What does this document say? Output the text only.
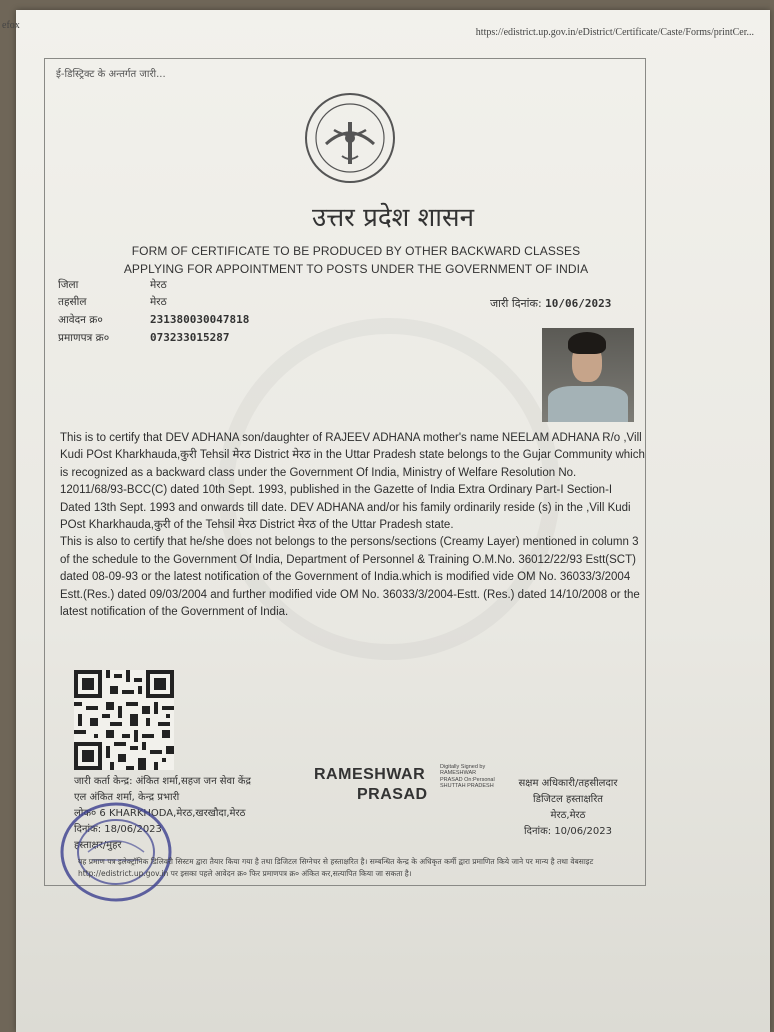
efox
https://edistrict.up.gov.in/eDistrict/Certificate/Caste/Forms/printCer...
ई-डिस्ट्रिक्ट के अन्तर्गत जारी...
उत्तर प्रदेश शासन
FORM OF CERTIFICATE TO BE PRODUCED BY OTHER BACKWARD CLASSES
APPLYING FOR APPOINTMENT TO POSTS UNDER THE GOVERNMENT OF INDIA
जिला	मेरठ
तहसील	मेरठ
आवेदन क्र०	231380030047818
प्रमाणपत्र क्र०	073233015287
जारी दिनांक: 10/06/2023

This is to certify that DEV ADHANA son/daughter of RAJEEV ADHANA mother's name NEELAM ADHANA R/o ,Vill Kudi POst Kharkhauda,कुरी Tehsil मेरठ District मेरठ in the Uttar Pradesh state belongs to the Gujar Community which is recognized as a backward class under the Government Of India, Ministry of Welfare Resolution No. 12011/68/93-BCC(C) dated 10th Sept. 1993, published in the Gazette of India Extra Ordinary Part-I Section-I Dated 13th Sept. 1993 and onwards till date. DEV ADHANA and/or his family ordinarily reside (s) in the ,Vill Kudi POst Kharkhauda,कुरी of the Tehsil मेरठ District मेरठ of the Uttar Pradesh state.

This is also to certify that he/she does not belongs to the persons/sections (Creamy Layer) mentioned in column 3 of the schedule to the Government Of India, Department of Personnel & Training O.M.No. 36012/22/93 Estt(SCT) dated 08-09-93 or the latest notification of the Government of India.which is modified vide OM No. 36033/3/2004 Estt.(Res.) dated 09/03/2004 and further modified vide OM No. 36033/3/2004-Estt. (Res.) dated 14/10/2008 or the latest notification of the Government of India.

जारी कर्ता केन्द्र: अंकित शर्मा,सहज जन सेवा केंद्र
एल अंकित शर्मा, केन्द्र प्रभारी
लोक० 6 KHARKHODA,मेरठ,खरखौदा,मेरठ
दिनांक: 18/06/2023
हस्ताक्षर/मुहर
RAMESHWAR
PRASAD
Digitally Signed by RAMESHWAR PRASAD On:Personal SHUTTAH PRADESH	सक्षम अधिकारी/तहसीलदार
डिजिटल हस्ताक्षरित
मेरठ,मेरठ
दिनांक: 10/06/2023
यह प्रमाण पत्र इलेक्ट्रॉनिक डिलिवरी सिस्टम द्वारा तैयार किया गया है तथा डिजिटल सिग्नेचर से हस्ताक्षरित है। सम्बन्धित केन्द्र के अधिकृत कर्मी द्वारा प्रमाणित किये जाने पर मान्य है तथा वेबसाइट http://edistrict.up.gov.in पर इसका पहले आवेदन क्र० फिर प्रमाणपत्र क्र० अंकित कर,सत्यापित किया जा सकता है।
